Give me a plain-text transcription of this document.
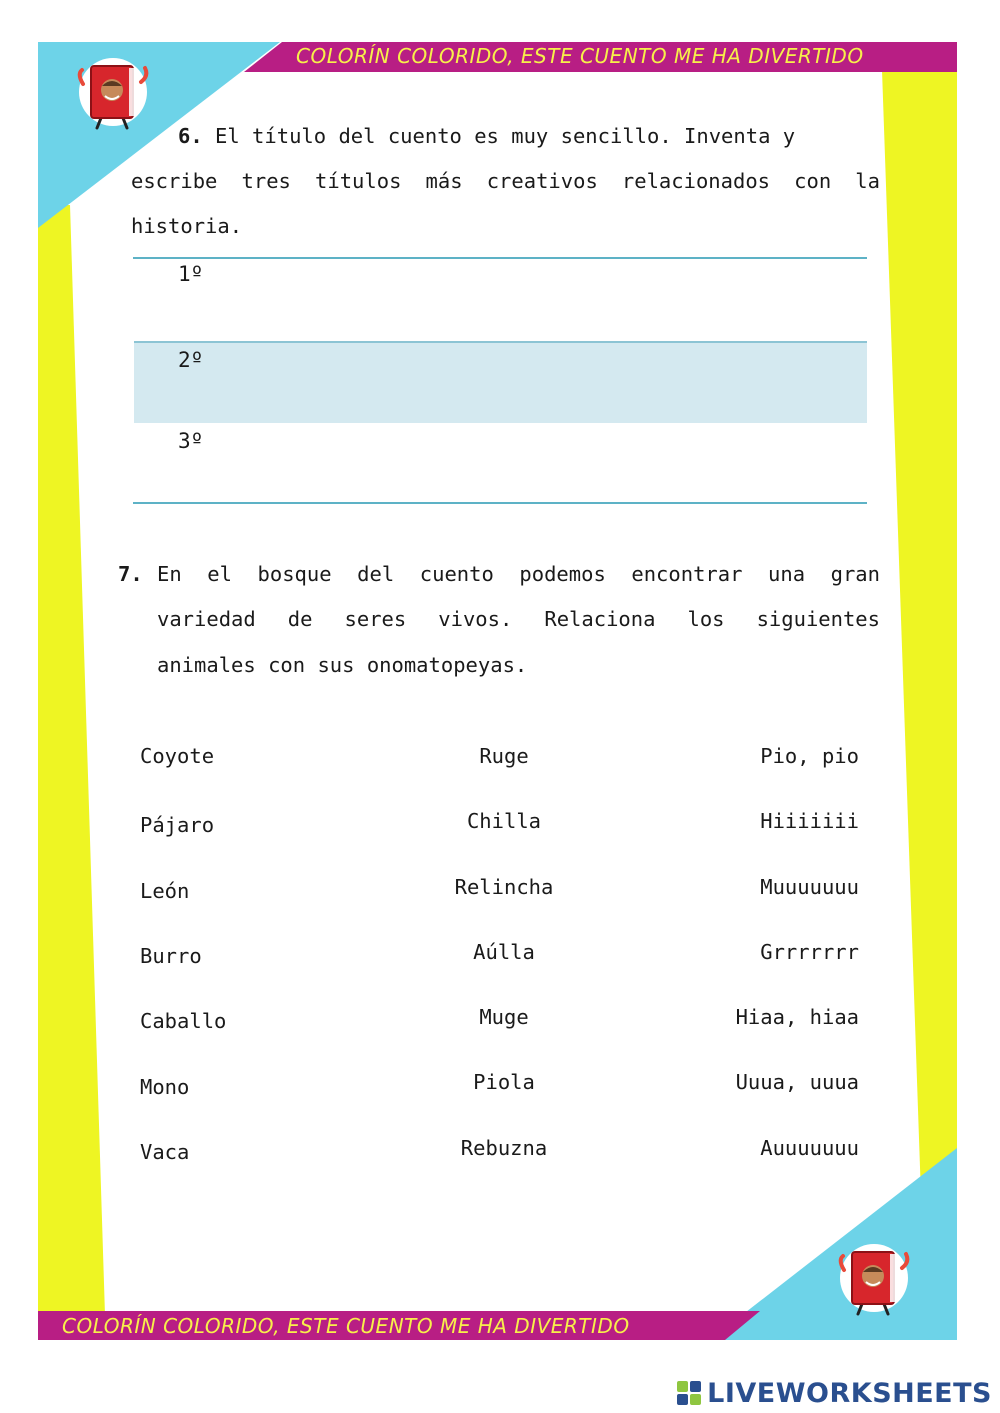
COLORÍN COLORIDO, ESTE CUENTO ME HA DIVERTIDO
COLORÍN COLORIDO, ESTE CUENTO ME HA DIVERTIDO
6. El título del cuento es muy sencillo. Inventa y
escribe tres títulos más creativos relacionados con la
historia.
1º
2º
3º
7. En el bosque del cuento podemos encontrar una gran
variedad de seres vivos. Relaciona los siguientes
animales con sus onomatopeyas.
Coyote
Pájaro
León
Burro
Caballo
Mono
Vaca
Ruge
Chilla
Relincha
Aúlla
Muge
Piola
Rebuzna
Pio, pio
Hiiiiiii
Muuuuuuu
Grrrrrrr
Hiaa, hiaa
Uuua, uuua
Auuuuuuu
LIVEWORKSHEETS
